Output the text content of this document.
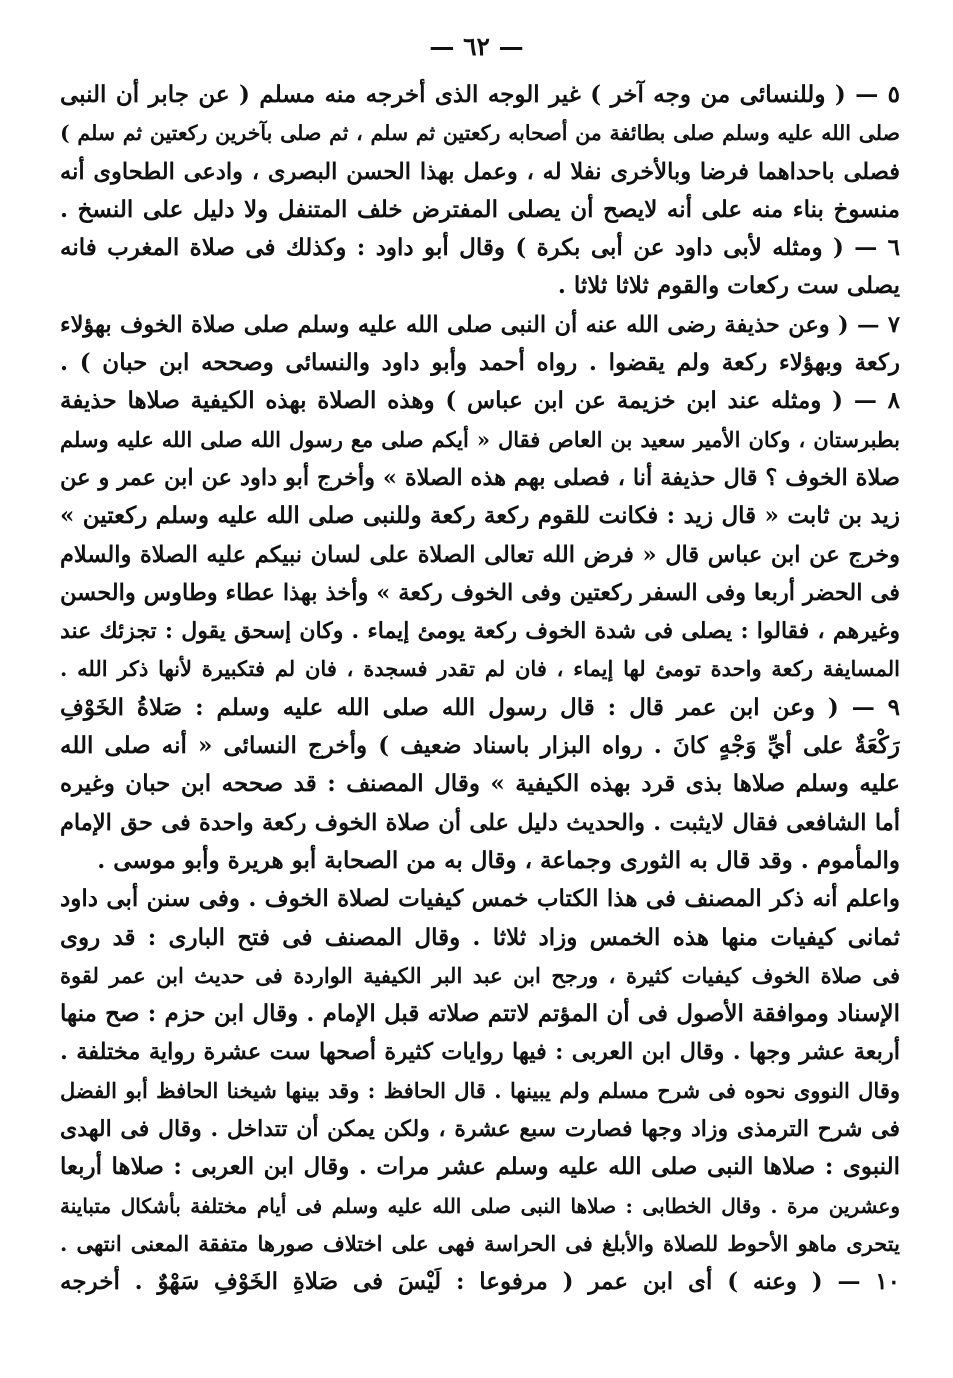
— ٦٢ —
٥ — ( وللنسائى من وجه آخر ) غير الوجه الذى أخرجه منه مسلم ( عن جابر أن النبى
صلى الله عليه وسلم صلى بطائفة من أصحابه ركعتين ثم سلم ، ثم صلى بآخرين ركعتين ثم سلم )
فصلى باحداهما فرضا وبالأخرى نفلا له ، وعمل بهذا الحسن البصرى ، وادعى الطحاوى أنه
منسوخ بناء منه على أنه لايصح أن يصلى المفترض خلف المتنفل ولا دليل على النسخ .
٦ — ( ومثله لأبى داود عن أبى بكرة ) وقال أبو داود : وكذلك فى صلاة المغرب فانه
يصلى ست ركعات والقوم ثلاثا ثلاثا .
٧ — ( وعن حذيفة رضى الله عنه أن النبى صلى الله عليه وسلم صلى صلاة الخوف بهؤلاء
ركعة وبهؤلاء ركعة ولم يقضوا . رواه أحمد وأبو داود والنسائى وصححه ابن حبان ) .
٨ — ( ومثله عند ابن خزيمة عن ابن عباس ) وهذه الصلاة بهذه الكيفية صلاها حذيفة
بطبرستان ، وكان الأمير سعيد بن العاص فقال « أيكم صلى مع رسول الله صلى الله عليه وسلم
صلاة الخوف ؟ قال حذيفة أنا ، فصلى بهم هذه الصلاة » وأخرج أبو داود عن ابن عمر و عن
زيد بن ثابت « قال زيد : فكانت للقوم ركعة ركعة وللنبى صلى الله عليه وسلم ركعتين »
وخرج عن ابن عباس قال « فرض الله تعالى الصلاة على لسان نبيكم عليه الصلاة والسلام
فى الحضر أربعا وفى السفر ركعتين وفى الخوف ركعة » وأخذ بهذا عطاء وطاوس والحسن
وغيرهم ، فقالوا : يصلى فى شدة الخوف ركعة يومئ إيماء . وكان إسحق يقول : تجزئك عند
المسايفة ركعة واحدة تومئ لها إيماء ، فان لم تقدر فسجدة ، فان لم فتكبيرة لأنها ذكر الله .
٩ — ( وعن ابن عمر قال : قال رسول الله صلى الله عليه وسلم : صَلاةُ الخَوْفِ
رَكْعَةٌ على أيِّ وَجْهٍ كانَ . رواه البزار باسناد ضعيف ) وأخرج النسائى « أنه صلى الله
عليه وسلم صلاها بذى قرد بهذه الكيفية » وقال المصنف : قد صححه ابن حبان وغيره
أما الشافعى فقال لايثبت . والحديث دليل على أن صلاة الخوف ركعة واحدة فى حق الإمام
والمأموم . وقد قال به الثورى وجماعة ، وقال به من الصحابة أبو هريرة وأبو موسى .
واعلم أنه ذكر المصنف فى هذا الكتاب خمس كيفيات لصلاة الخوف . وفى سنن أبى داود
ثمانى كيفيات منها هذه الخمس وزاد ثلاثا . وقال المصنف فى فتح البارى : قد روى
فى صلاة الخوف كيفيات كثيرة ، ورجح ابن عبد البر الكيفية الواردة فى حديث ابن عمر لقوة
الإسناد وموافقة الأصول فى أن المؤتم لاتتم صلاته قبل الإمام . وقال ابن حزم : صح منها
أربعة عشر وجها . وقال ابن العربى : فيها روايات كثيرة أصحها ست عشرة رواية مختلفة .
وقال النووى نحوه فى شرح مسلم ولم يبينها . قال الحافظ : وقد بينها شيخنا الحافظ أبو الفضل
فى شرح الترمذى وزاد وجها فصارت سبع عشرة ، ولكن يمكن أن تتداخل . وقال فى الهدى
النبوى : صلاها النبى صلى الله عليه وسلم عشر مرات . وقال ابن العربى : صلاها أربعا
وعشرين مرة . وقال الخطابى : صلاها النبى صلى الله عليه وسلم فى أيام مختلفة بأشكال متباينة
يتحرى ماهو الأحوط للصلاة والأبلغ فى الحراسة فهى على اختلاف صورها متفقة المعنى انتهى .
١٠ — ( وعنه ) أى ابن عمر ( مرفوعا : لَيْسَ فى صَلاةِ الخَوْفِ سَهْوٌ . أخرجه
